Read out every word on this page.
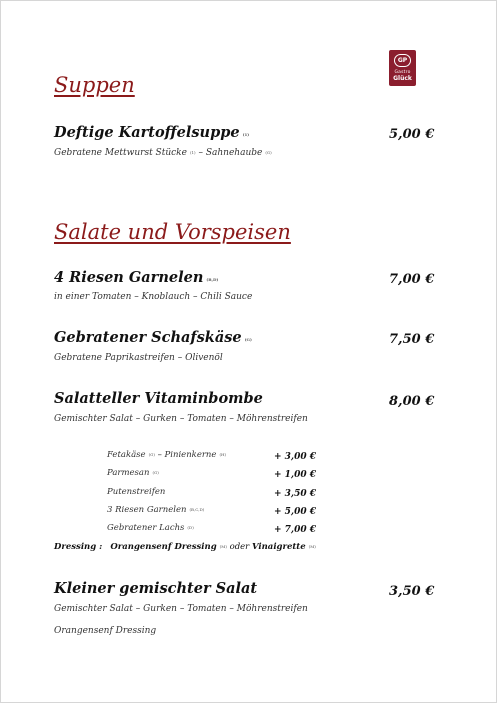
GP
Gastro
Glück
Suppen
Deftige Kartoffelsuppe $^{(1)}$	5,00 €
Gebratene Mettwurst Stücke $^{(1)}$ – Sahnehaube $^{(G)}$
Salate und Vorspeisen
4 Riesen Garnelen $^{(B,D)}$	7,00 €
in einer Tomaten – Knoblauch – Chili Sauce
Gebratener Schafskäse $^{(G)}$	7,50 €
Gebratene Paprikastreifen – Olivenöl
Salatteller Vitaminbombe	8,00 €
Gemischter Salat – Gurken – Tomaten – Möhrenstreifen
Fetakäse $^{(G)}$ – Pinienkerne $^{(H)}$	+ 3,00 €
Parmesan $^{(G)}$	+ 1,00 €
Putenstreifen	+ 3,50 €
3 Riesen Garnelen $^{(B,C,D)}$	+ 5,00 €
Gebratener Lachs $^{(D)}$	+ 7,00 €
Dressing : Orangensenf Dressing $^{(M)}$ oder Vinaigrette $^{(M)}$
Kleiner gemischter Salat	3,50 €
Gemischter Salat – Gurken – Tomaten – Möhrenstreifen
Orangensenf Dressing
